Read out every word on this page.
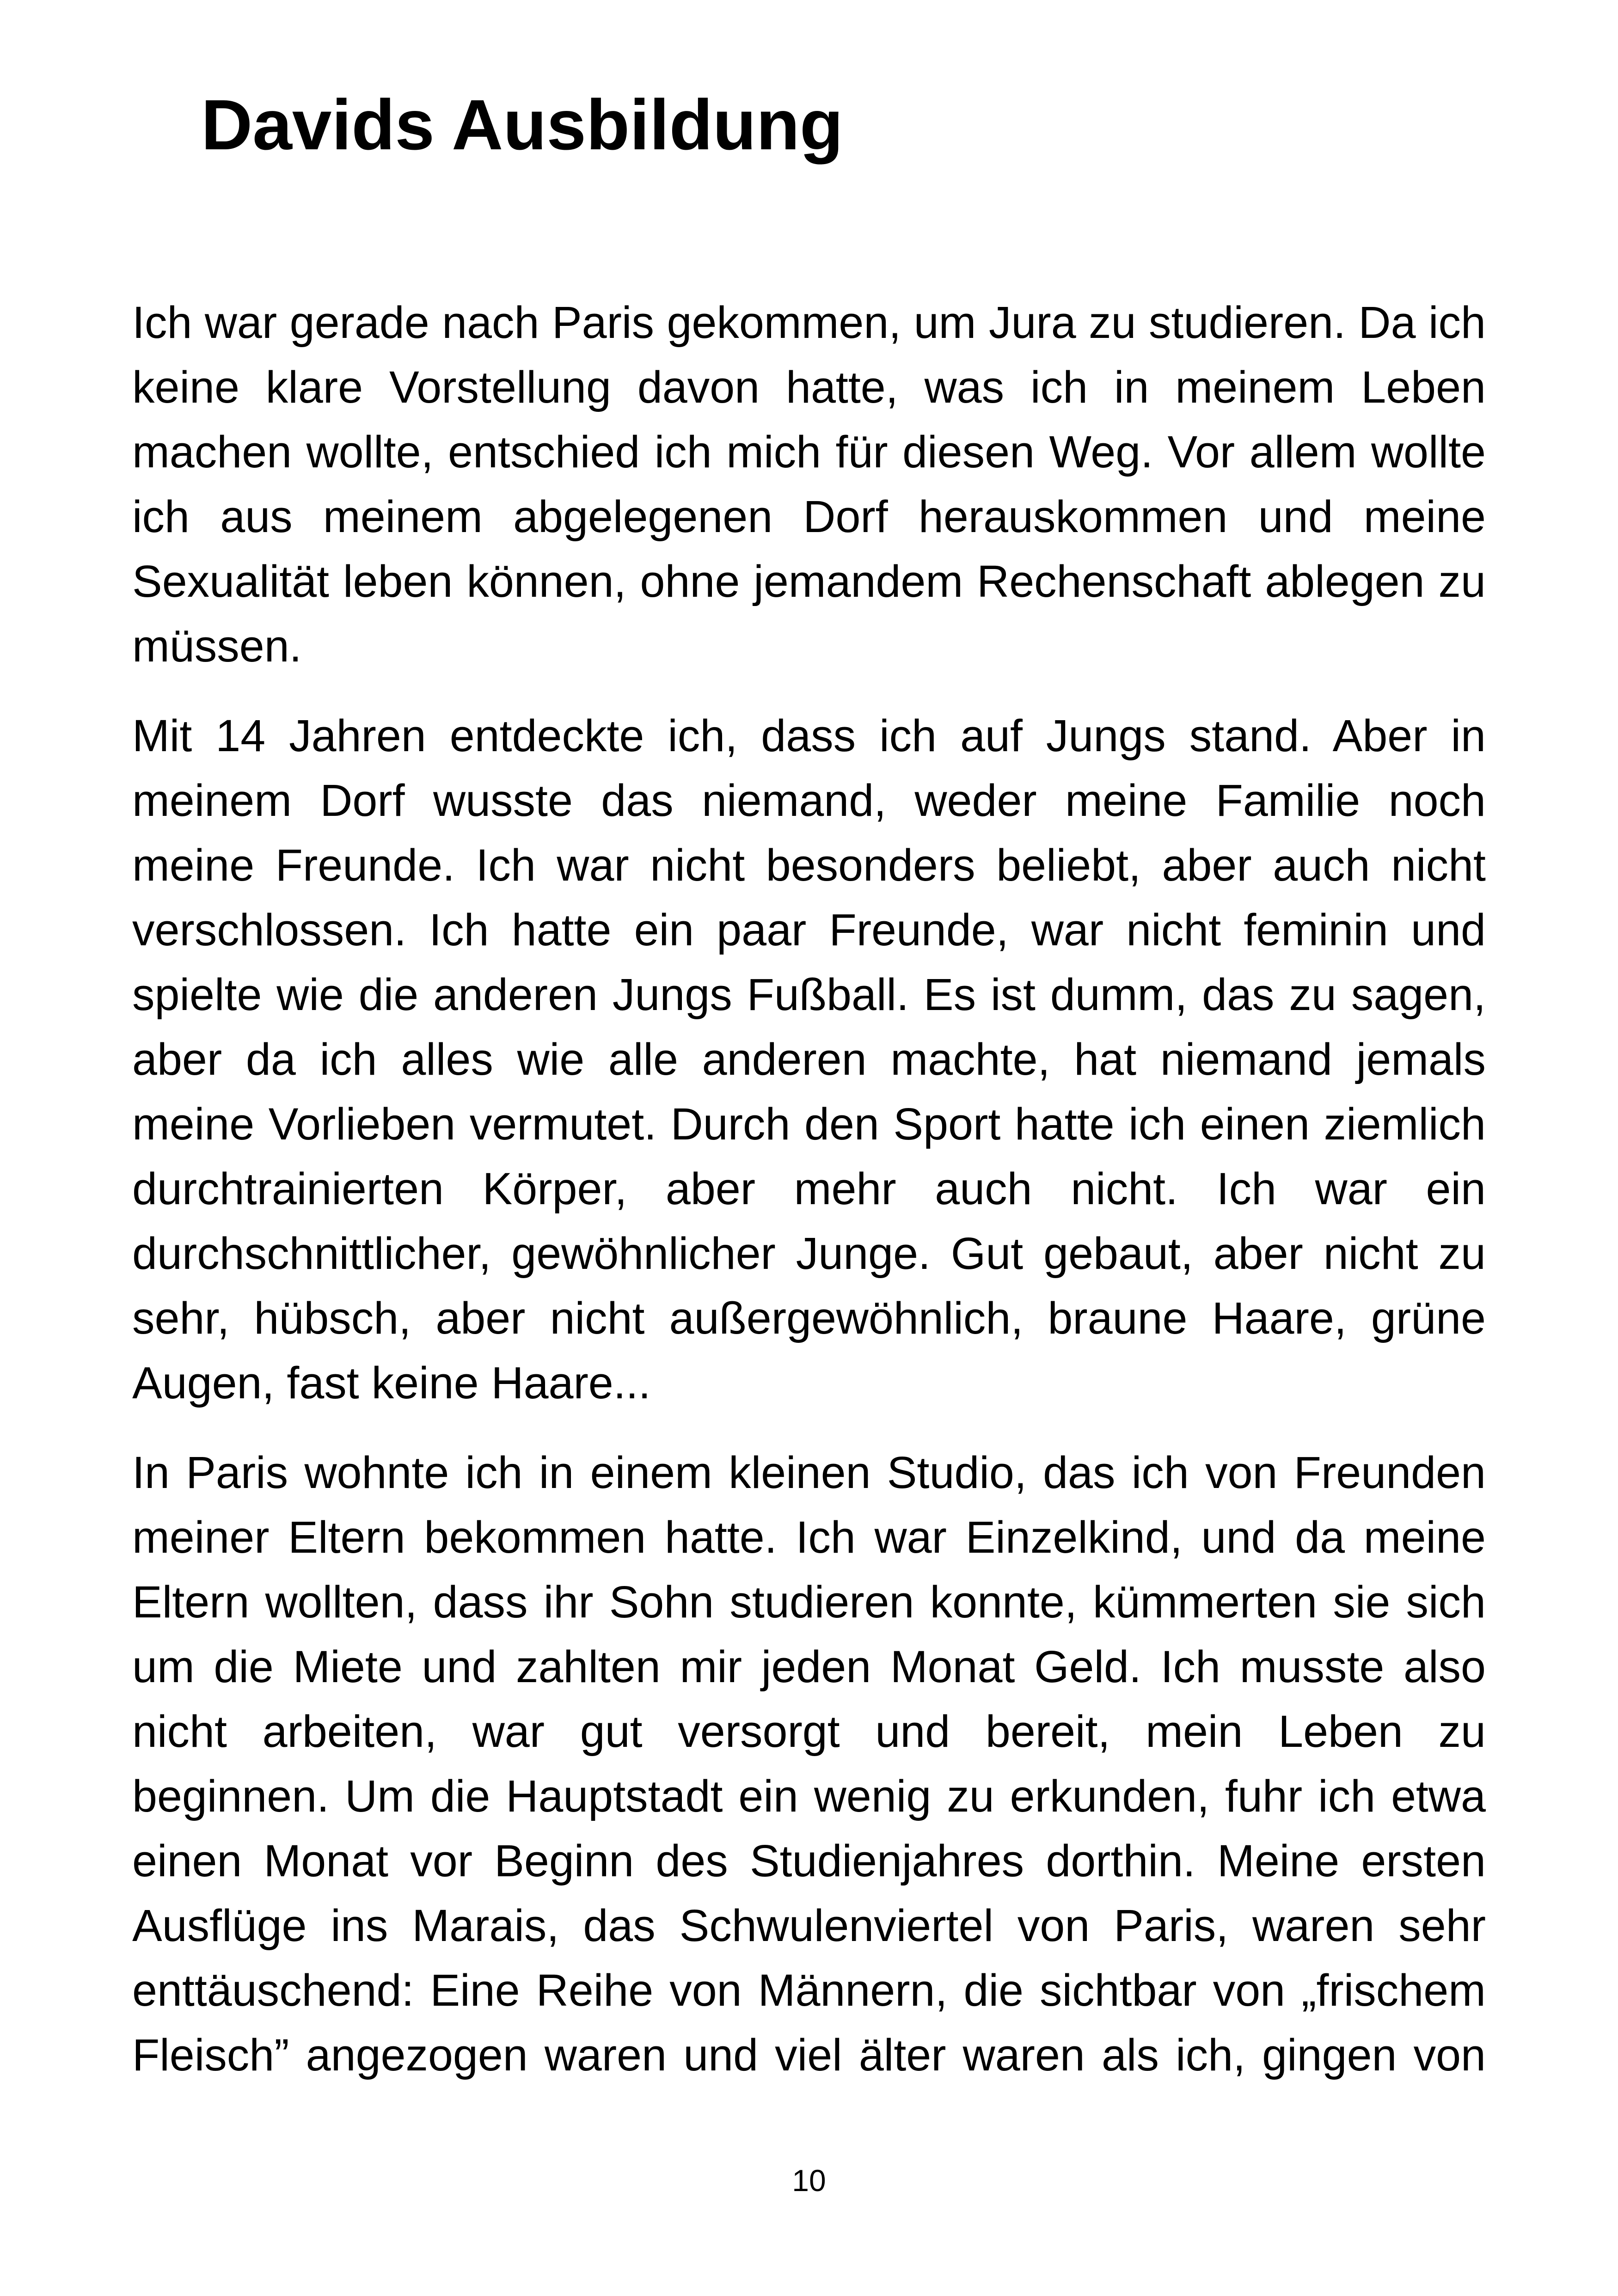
Davids Ausbildung

Ich war gerade nach Paris gekommen, um Jura zu studieren. Da ich keine klare Vorstellung davon hatte, was ich in meinem Leben machen wollte, entschied ich mich für diesen Weg. Vor allem wollte ich aus meinem abgelegenen Dorf herauskommen und meine Sexualität leben können, ohne jemandem Rechenschaft ablegen zu müssen.

Mit 14 Jahren entdeckte ich, dass ich auf Jungs stand. Aber in meinem Dorf wusste das niemand, weder meine Familie noch meine Freunde. Ich war nicht besonders beliebt, aber auch nicht verschlossen. Ich hatte ein paar Freunde, war nicht feminin und spielte wie die anderen Jungs Fußball. Es ist dumm, das zu sagen, aber da ich alles wie alle anderen machte, hat niemand jemals meine Vorlieben vermutet. Durch den Sport hatte ich einen ziemlich durchtrainierten Körper, aber mehr auch nicht. Ich war ein durchschnittlicher, gewöhnlicher Junge. Gut gebaut, aber nicht zu sehr, hübsch, aber nicht außergewöhnlich, braune Haare, grüne Augen, fast keine Haare...

In Paris wohnte ich in einem kleinen Studio, das ich von Freunden meiner Eltern bekommen hatte. Ich war Einzelkind, und da meine Eltern wollten, dass ihr Sohn studieren konnte, kümmerten sie sich um die Miete und zahlten mir jeden Monat Geld. Ich musste also nicht arbeiten, war gut versorgt und bereit, mein Leben zu beginnen. Um die Hauptstadt ein wenig zu erkunden, fuhr ich etwa einen Monat vor Beginn des Studienjahres dorthin. Meine ersten Ausflüge ins Marais, das Schwulenviertel von Paris, waren sehr enttäuschend: Eine Reihe von Männern, die sichtbar von „frischem Fleisch” angezogen waren und viel älter waren als ich, gingen von

10
